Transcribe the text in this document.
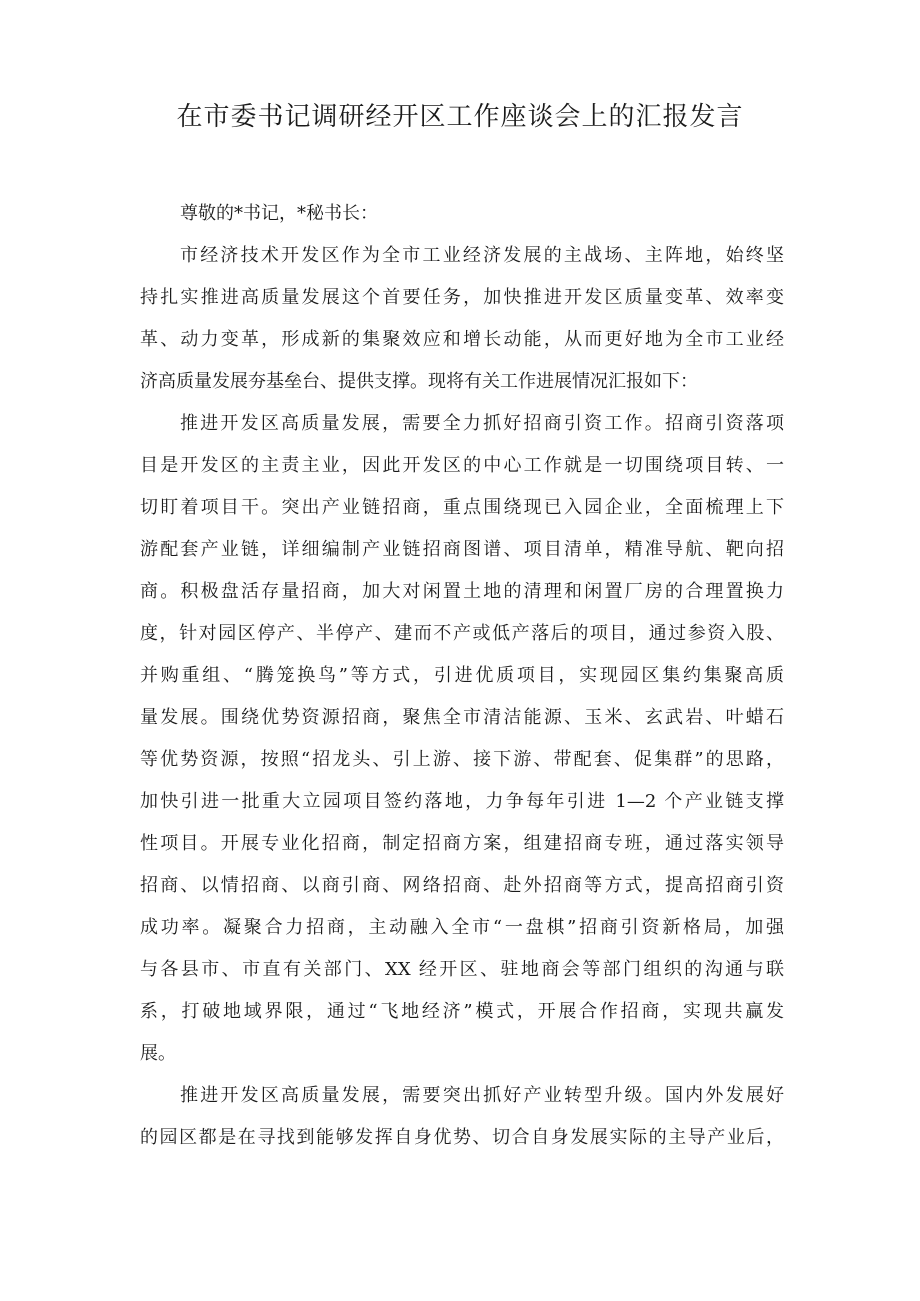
在市委书记调研经开区工作座谈会上的汇报发言
尊敬的*书记，*秘书长：
市经济技术开发区作为全市工业经济发展的主战场、主阵地，始终坚
持扎实推进高质量发展这个首要任务，加快推进开发区质量变革、效率变
革、动力变革，形成新的集聚效应和增长动能，从而更好地为全市工业经
济高质量发展夯基垒台、提供支撑。现将有关工作进展情况汇报如下：
推进开发区高质量发展，需要全力抓好招商引资工作。招商引资落项
目是开发区的主责主业，因此开发区的中心工作就是一切围绕项目转、一
切盯着项目干。突出产业链招商，重点围绕现已入园企业，全面梳理上下
游配套产业链，详细编制产业链招商图谱、项目清单，精准导航、靶向招
商。积极盘活存量招商，加大对闲置土地的清理和闲置厂房的合理置换力
度，针对园区停产、半停产、建而不产或低产落后的项目，通过参资入股、
并购重组、“腾笼换鸟”等方式，引进优质项目，实现园区集约集聚高质
量发展。围绕优势资源招商，聚焦全市清洁能源、玉米、玄武岩、叶蜡石
等优势资源，按照“招龙头、引上游、接下游、带配套、促集群”的思路，
加快引进一批重大立园项目签约落地，力争每年引进 1—2 个产业链支撑
性项目。开展专业化招商，制定招商方案，组建招商专班，通过落实领导
招商、以情招商、以商引商、网络招商、赴外招商等方式，提高招商引资
成功率。凝聚合力招商，主动融入全市“一盘棋”招商引资新格局，加强
与各县市、市直有关部门、XX 经开区、驻地商会等部门组织的沟通与联
系，打破地域界限，通过“飞地经济”模式，开展合作招商，实现共赢发
展。
推进开发区高质量发展，需要突出抓好产业转型升级。国内外发展好
的园区都是在寻找到能够发挥自身优势、切合自身发展实际的主导产业后，
